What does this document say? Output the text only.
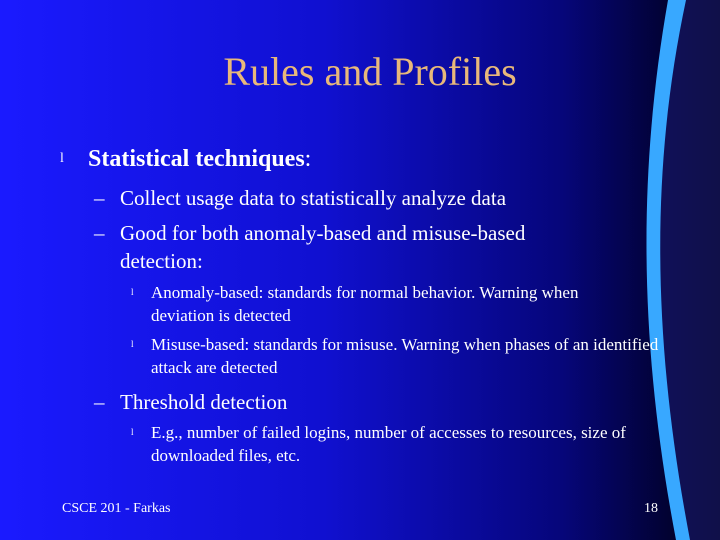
Rules and Profiles
l Statistical techniques:
– Collect usage data to statistically analyze data
– Good for both anomaly-based and misuse-based detection:
l Anomaly-based: standards for normal behavior. Warning when deviation is detected
l Misuse-based: standards for misuse. Warning when phases of an identified attack are detected
– Threshold detection
l E.g., number of failed logins, number of accesses to resources, size of downloaded files, etc.
CSCE 201 - Farkas	18
